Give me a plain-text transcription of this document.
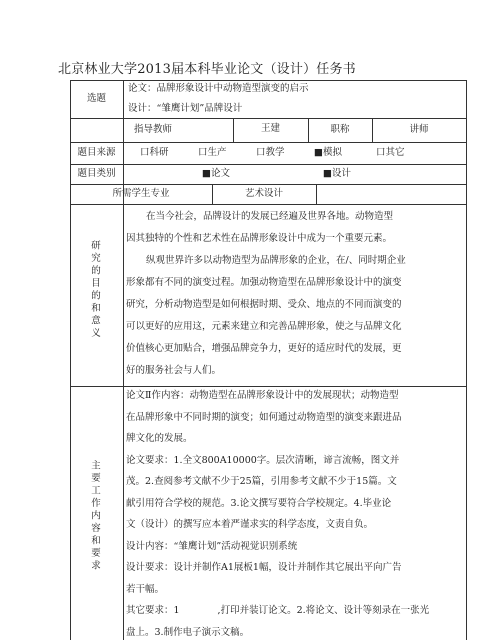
北京林业大学2013届本科毕业论文（设计）任务书
选题
论文：品牌形象设计中动物造型演变的启示
设计：“雏鹰计划”品牌设计
指导教师	王建	职称	讲师
题目来源	口科研	口生产	口教学	■模拟	口其它
题目类别	■论文	■设计
所需学生专业	艺术设计
研究的目的和意义
在当今社会，品牌设计的发展已经遍及世界各地。动物造型
因其独特的个性和艺术性在品牌形象设计中成为一个重要元素。
纵观世界许多以动物造型为品牌形象的企业，在/、同时期企业
形象都有不同的演变过程。加强动物造型在品牌形象设计中的演变
研究，分析动物造型是如何根据时期、受众、地点的不同而演变的
可以更好的应用这，元素来建立和完善品牌形象，使之与品牌文化
价值核心更加贴合，增强品牌竞争力，更好的适应时代的发展，更
好的服务社会与人们。
主要工作内容和要求
论文Ⅱ作内容：动物造型在品牌形象设计中的发展现状；动物造型
在品牌形象中不同时期的演变；如何通过动物造型的演变来跟进品
牌文化的发展。
论文要求：1.全文800A10000字。层次清晰，谛言流畅，图文并
茂。2.查阅参考文献不少于25篇，引用参考文献不少于15篇。文
献引用符合学校的规范。3.论文撰写要符合学校规定。4.毕业论
文（设计）的撰写应本着严谨求实的科学态度，文责自负。
设计内容：“雏鹰计划”活动视觉识别系统
设计要求：设计并制作A1展板1幅，设计并制作其它展出平向广告
若干幅。
其它要求：1　　　　,打印并装订论文。2.将论文、设计等刻录在一张光
盘上。3.制作电子演示文稿。
